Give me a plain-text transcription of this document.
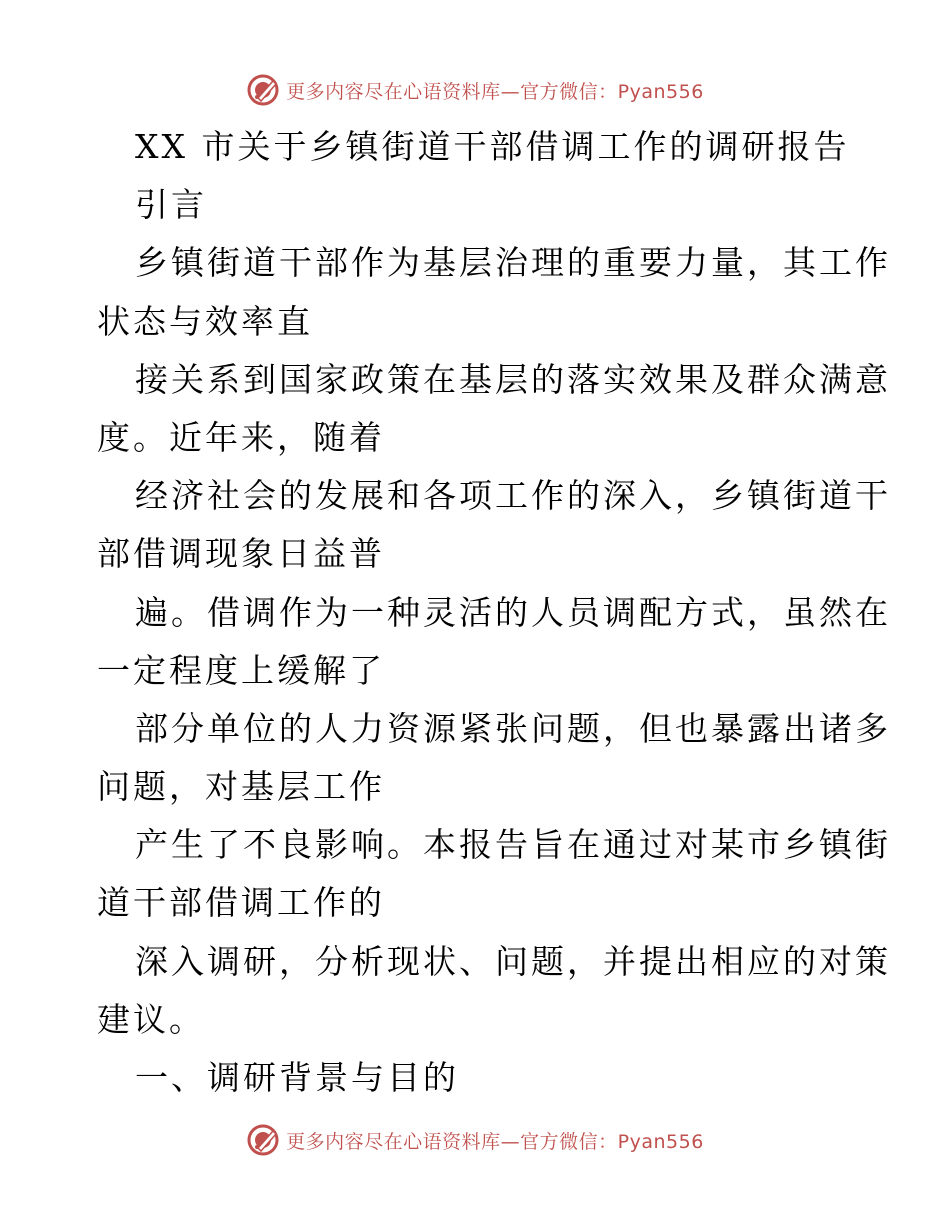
更多内容尽在心语资料库—官方微信：Pyan556
XX 市关于乡镇街道干部借调工作的调研报告
引言
乡镇街道干部作为基层治理的重要力量，其工作
状态与效率直
接关系到国家政策在基层的落实效果及群众满意
度。近年来，随着
经济社会的发展和各项工作的深入，乡镇街道干
部借调现象日益普
遍。借调作为一种灵活的人员调配方式，虽然在
一定程度上缓解了
部分单位的人力资源紧张问题，但也暴露出诸多
问题，对基层工作
产生了不良影响。本报告旨在通过对某市乡镇街
道干部借调工作的
深入调研，分析现状、问题，并提出相应的对策
建议。
一、调研背景与目的
更多内容尽在心语资料库—官方微信：Pyan556
